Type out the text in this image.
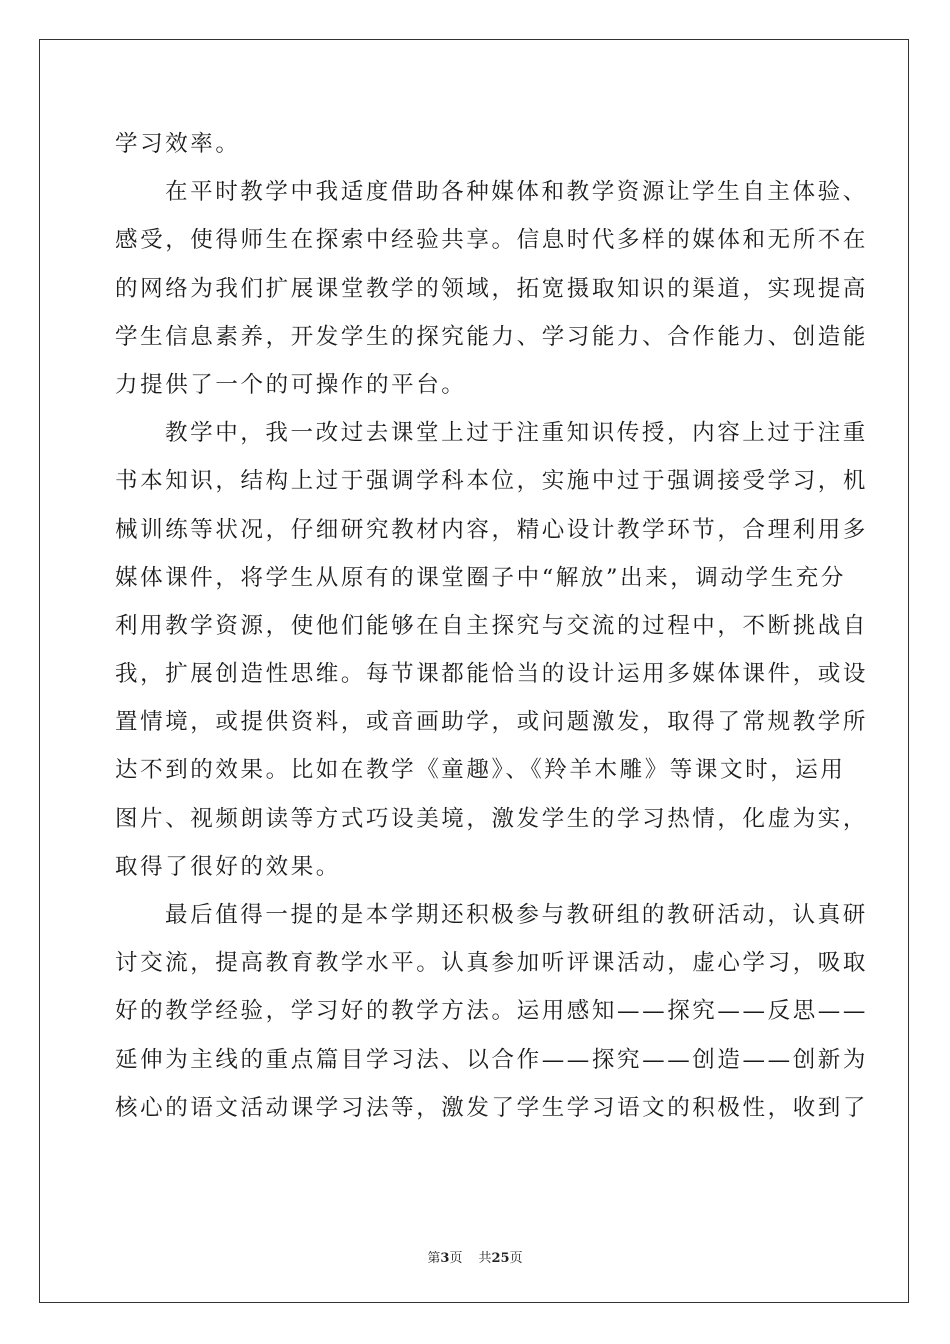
学习效率。
在平时教学中我适度借助各种媒体和教学资源让学生自主体验、
感受，使得师生在探索中经验共享。信息时代多样的媒体和无所不在
的网络为我们扩展课堂教学的领域，拓宽摄取知识的渠道，实现提高
学生信息素养，开发学生的探究能力、学习能力、合作能力、创造能
力提供了一个的可操作的平台。
教学中，我一改过去课堂上过于注重知识传授，内容上过于注重
书本知识，结构上过于强调学科本位，实施中过于强调接受学习，机
械训练等状况，仔细研究教材内容，精心设计教学环节，合理利用多
媒体课件，将学生从原有的课堂圈子中“解放”出来，调动学生充分
利用教学资源，使他们能够在自主探究与交流的过程中，不断挑战自
我，扩展创造性思维。每节课都能恰当的设计运用多媒体课件，或设
置情境，或提供资料，或音画助学，或问题激发，取得了常规教学所
达不到的效果。比如在教学《童趣》、《羚羊木雕》等课文时，运用
图片、视频朗读等方式巧设美境，激发学生的学习热情，化虚为实，
取得了很好的效果。
最后值得一提的是本学期还积极参与教研组的教研活动，认真研
讨交流，提高教育教学水平。认真参加听评课活动，虚心学习，吸取
好的教学经验，学习好的教学方法。运用感知——探究——反思——
延伸为主线的重点篇目学习法、以合作——探究——创造——创新为
核心的语文活动课学习法等，激发了学生学习语文的积极性，收到了
第3页 共25页
